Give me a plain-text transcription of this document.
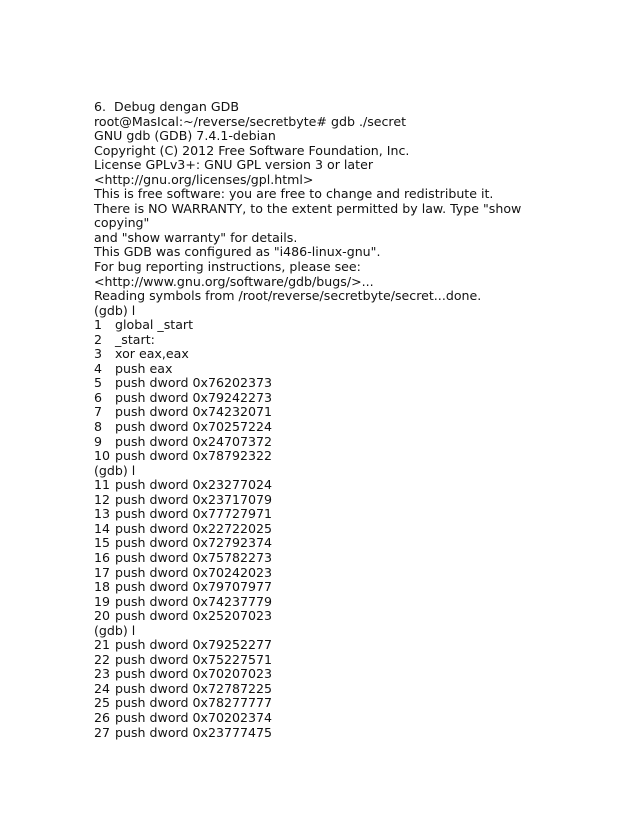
6.  Debug dengan GDB
root@MasIcal:~/reverse/secretbyte# gdb ./secret
GNU gdb (GDB) 7.4.1-debian
Copyright (C) 2012 Free Software Foundation, Inc.
License GPLv3+: GNU GPL version 3 or later
<http://gnu.org/licenses/gpl.html>
This is free software: you are free to change and redistribute it.
There is NO WARRANTY, to the extent permitted by law. Type "show copying"
and "show warranty" for details.
This GDB was configured as "i486-linux-gnu".
For bug reporting instructions, please see:
<http://www.gnu.org/software/gdb/bugs/>...
Reading symbols from /root/reverse/secretbyte/secret...done.
(gdb) l
1	global _start
2	_start:
3	xor eax,eax
4	push eax
5	push dword 0x76202373
6	push dword 0x79242273
7	push dword 0x74232071
8	push dword 0x70257224
9	push dword 0x24707372
10 push dword 0x78792322
(gdb) l
11 push dword 0x23277024
12 push dword 0x23717079
13 push dword 0x77727971
14 push dword 0x22722025
15 push dword 0x72792374
16 push dword 0x75782273
17 push dword 0x70242023
18 push dword 0x79707977
19 push dword 0x74237779
20 push dword 0x25207023
(gdb) l
21 push dword 0x79252277
22 push dword 0x75227571
23 push dword 0x70207023
24 push dword 0x72787225
25 push dword 0x78277777
26 push dword 0x70202374
27 push dword 0x23777475
